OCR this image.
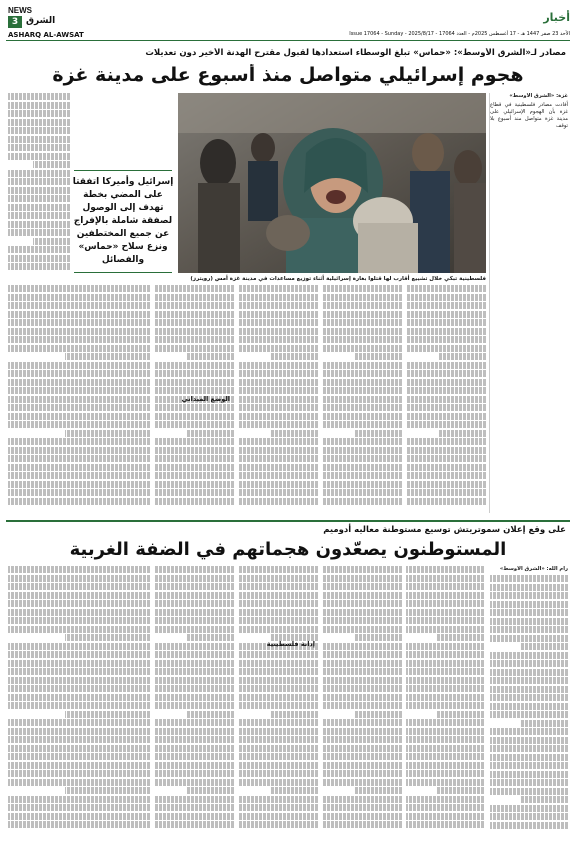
NEWS
3 الشرق
ASHARQ AL-AWSAT
أخبار
الأحد 23 صفر 1447 هـ - 17 أغسطس 2025م - العدد 17064 - Issue 17064 - Sunday - 2025/8/17
مصادر لـ«الشرق الأوسط»: «حماس» تبلغ الوسطاء استعدادها لقبول مقترح الهدنة الأخير دون تعديلات
هجوم إسرائيلي متواصل منذ أسبوع على مدينة غزة
غزة: «الشرق الأوسط»
أفادت مصادر فلسطينية في قطاع غزة بأن الهجوم الإسرائيلي على مدينة غزة متواصل منذ أسبوع بلا توقف
فلسطينية تبكي خلال تشييع أقارب لها قتلوا بغارة إسرائيلية أثناء توزيع مساعدات في مدينة غزة أمس (رويترز)
إسرائيل وأميركا اتفقتا على المضي بخطة تهدف إلى الوصول لصفقة شاملة بالإفراج عن جميع المختطفين ونزع سلاح «حماس» والفصائل
الوضع الميداني
على وقع إعلان سموتريتش توسيع مستوطنة معاليه أدوميم
المستوطنون يصعّدون هجماتهم في الضفة الغربية
رام الله: «الشرق الأوسط»
إدانة فلسطينية
